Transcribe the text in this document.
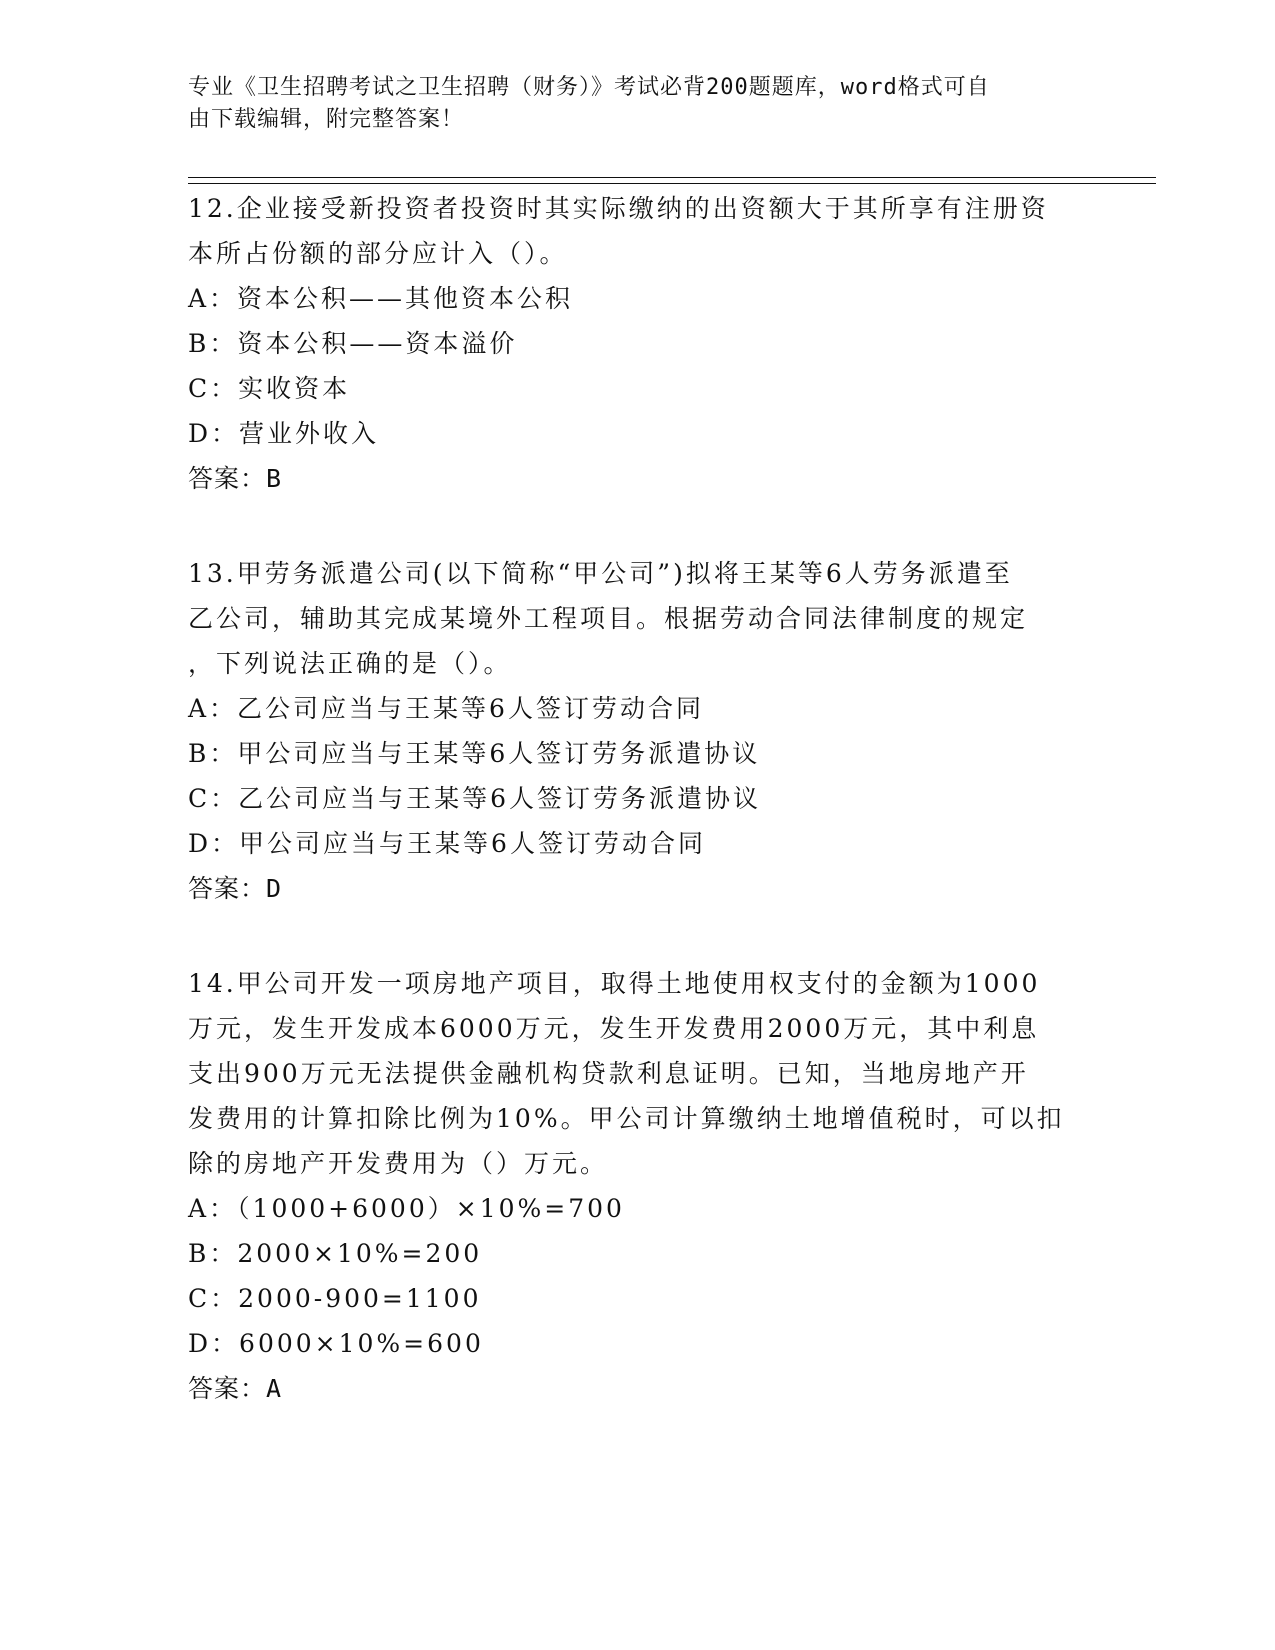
专业《卫生招聘考试之卫生招聘（财务）》考试必背200题题库，word格式可自
由下载编辑，附完整答案！
12.企业接受新投资者投资时其实际缴纳的出资额大于其所享有注册资
本所占份额的部分应计入（）。
A：资本公积——其他资本公积
B：资本公积——资本溢价
C：实收资本
D：营业外收入
答案：B
13.甲劳务派遣公司(以下简称“甲公司”)拟将王某等6人劳务派遣至
乙公司，辅助其完成某境外工程项目。根据劳动合同法律制度的规定
，下列说法正确的是（）。
A：乙公司应当与王某等6人签订劳动合同
B：甲公司应当与王某等6人签订劳务派遣协议
C：乙公司应当与王某等6人签订劳务派遣协议
D：甲公司应当与王某等6人签订劳动合同
答案：D
14.甲公司开发一项房地产项目，取得土地使用权支付的金额为1000
万元，发生开发成本6000万元，发生开发费用2000万元，其中利息
支出900万元无法提供金融机构贷款利息证明。已知，当地房地产开
发费用的计算扣除比例为10%。甲公司计算缴纳土地增值税时，可以扣
除的房地产开发费用为（）万元。
A：（1000+6000）×10%=700
B：2000×10%=200
C：2000-900=1100
D：6000×10%=600
答案：A
